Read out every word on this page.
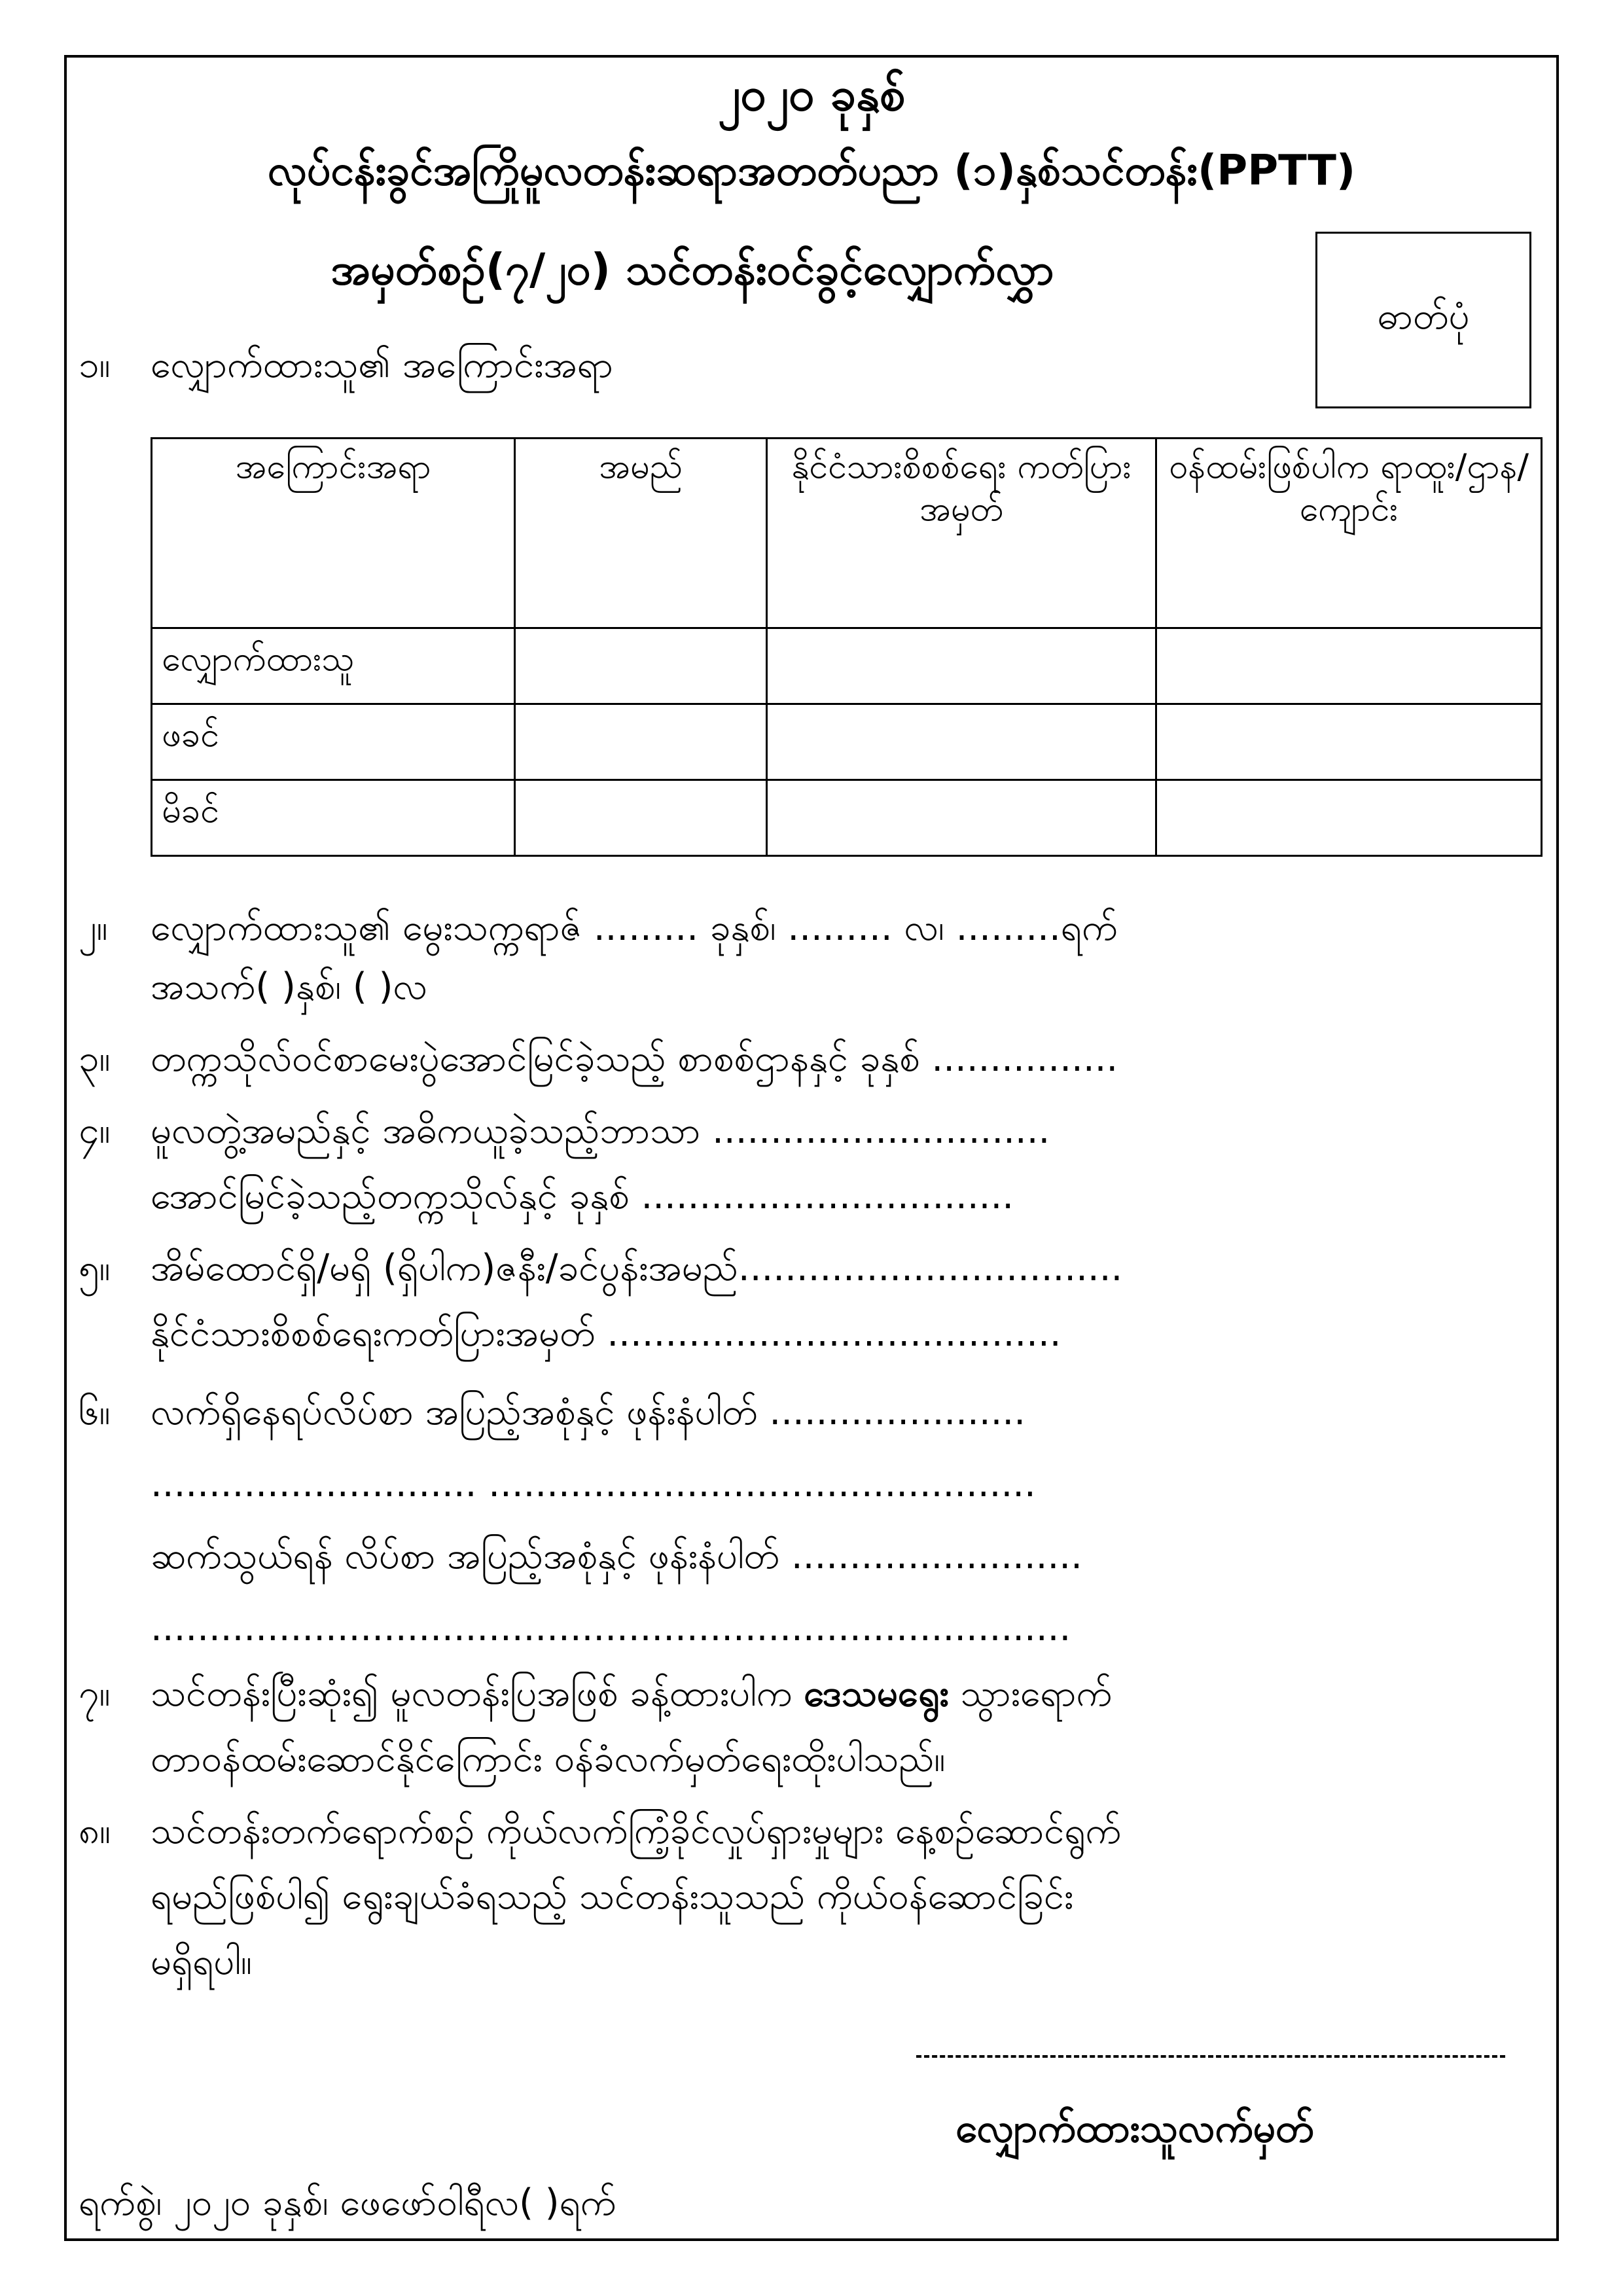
၂၀၂၀ ခုနှစ်
လုပ်ငန်းခွင်အကြိုမူလတန်းဆရာအတတ်ပညာ (၁)နှစ်သင်တန်း(PPTT)
အမှတ်စဉ်(၇/၂၀) သင်တန်းဝင်ခွင့်လျှောက်လွှာ
ဓာတ်ပုံ
၁။ လျှောက်ထားသူ၏ အကြောင်းအရာ
အကြောင်းအရာ	အမည်	နိုင်ငံသားစိစစ်ရေး ကတ်ပြားအမှတ်	ဝန်ထမ်းဖြစ်ပါက ရာထူး/ဌာန/ ကျောင်း
လျှောက်ထားသူ			
ဖခင်			
မိခင်			
၂။ လျှောက်ထားသူ၏ မွေးသက္ကရာဇ် ......... ခုနှစ်၊ ......... လ၊ .........ရက်
အသက်( )နှစ်၊ ( )လ
၃။ တက္ကသိုလ်ဝင်စာမေးပွဲအောင်မြင်ခဲ့သည့် စာစစ်ဌာနနှင့် ခုနှစ် ................
၄။ မူလတွဲ့အမည်နှင့် အဓိကယူခဲ့သည့်ဘာသာ .............................
အောင်မြင်ခဲ့သည့်တက္ကသိုလ်နှင့် ခုနှစ် ................................
၅။ အိမ်ထောင်ရှိ/မရှိ (ရှိပါက)ဇနီး/ခင်ပွန်းအမည်.................................
နိုင်ငံသားစိစစ်ရေးကတ်ပြားအမှတ် .......................................
၆။ လက်ရှိနေရပ်လိပ်စာ အပြည့်အစုံနှင့် ဖုန်းနံပါတ် ......................
............................ ...............................................
ဆက်သွယ်ရန် လိပ်စာ အပြည့်အစုံနှင့် ဖုန်းနံပါတ် .........................
...............................................................................
၇။ သင်တန်းပြီးဆုံး၍ မူလတန်းပြအဖြစ် ခန့်ထားပါက ဒေသမရွေး သွားရောက်
တာဝန်ထမ်းဆောင်နိုင်ကြောင်း ဝန်ခံလက်မှတ်ရေးထိုးပါသည်။
၈။ သင်တန်းတက်ရောက်စဉ် ကိုယ်လက်ကြံ့ခိုင်လှုပ်ရှားမှုများ နေ့စဉ်ဆောင်ရွက်
ရမည်ဖြစ်ပါ၍ ရွေးချယ်ခံရသည့် သင်တန်းသူသည် ကိုယ်ဝန်ဆောင်ခြင်း
မရှိရပါ။
လျှောက်ထားသူလက်မှတ်
ရက်စွဲ၊ ၂၀၂၀ ခုနှစ်၊ ဖေဖော်ဝါရီလ( )ရက်
